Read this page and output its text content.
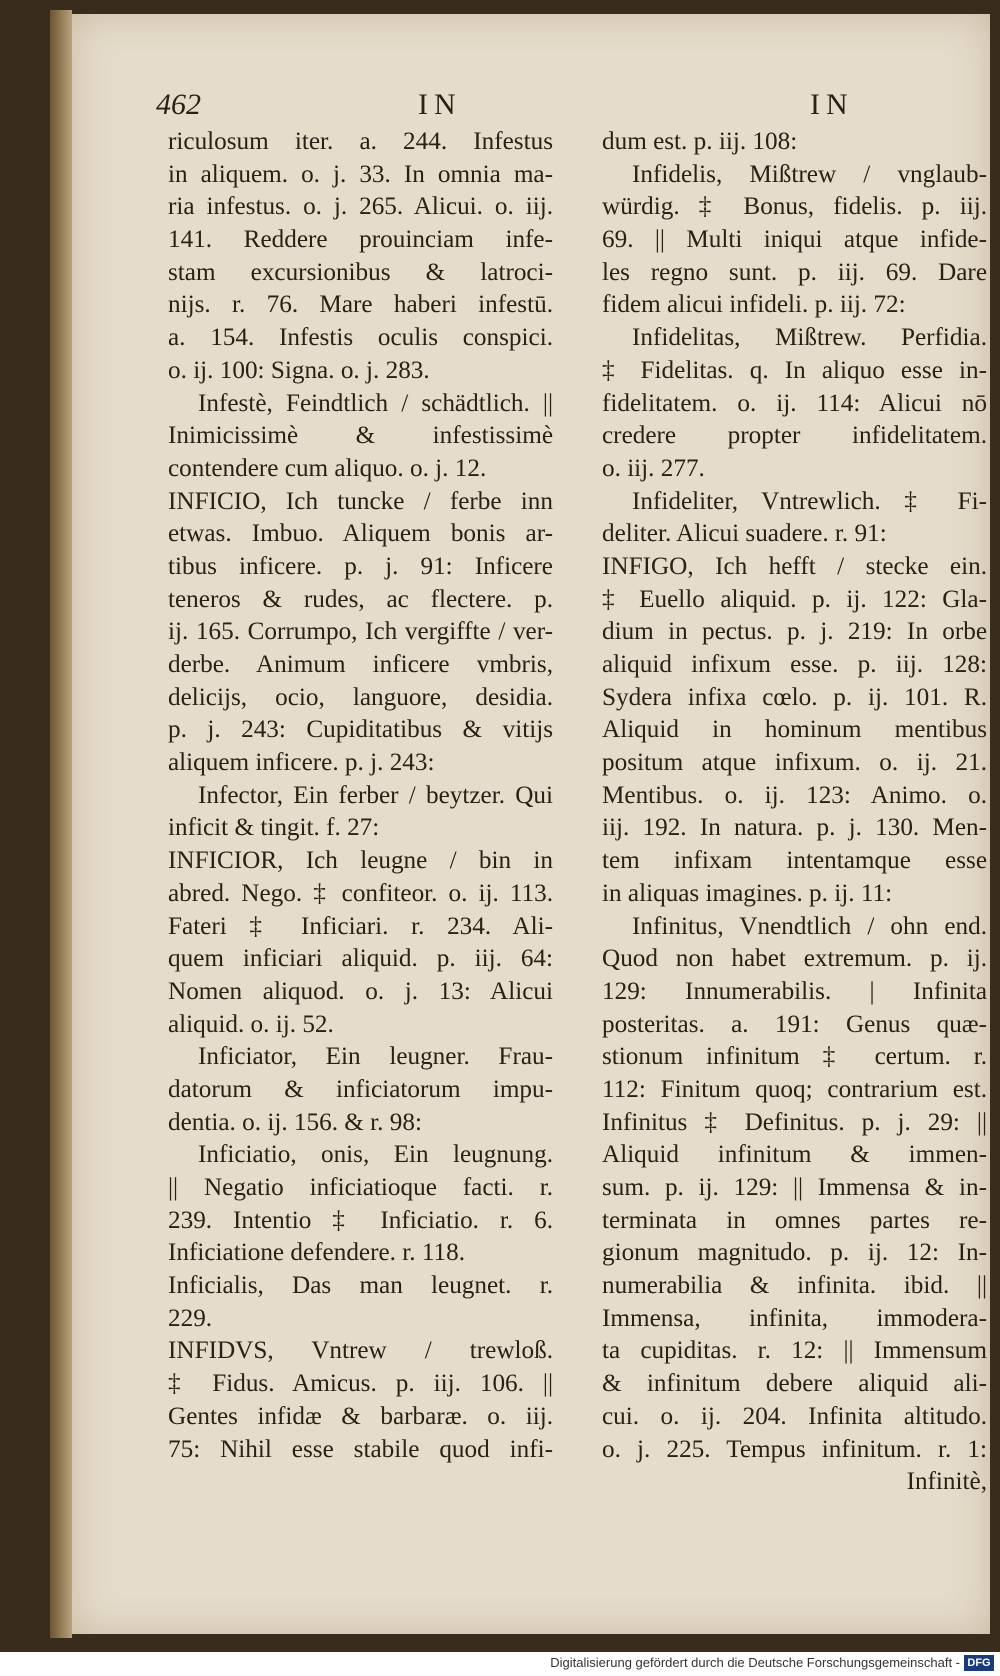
462	IN	IN
riculosum iter. a. 244. Infestus
in aliquem. o. j. 33. In omnia ma-
ria infestus. o. j. 265. Alicui. o. iij.
141. Reddere prouinciam infe-
stam excursionibus & latroci-
nijs. r. 76. Mare haberi infestū.
a. 154. Infestis oculis conspici.
o. ij. 100: Signa. o. j. 283.
Infestè, Feindtlich / schädtlich. ||
Inimicissimè & infestissimè
contendere cum aliquo. o. j. 12.
INFICIO, Ich tuncke / ferbe inn
etwas. Imbuo. Aliquem bonis ar-
tibus inficere. p. j. 91: Inficere
teneros & rudes, ac flectere. p.
ij. 165. Corrumpo, Ich vergiffte / ver-
derbe. Animum inficere vmbris,
delicijs, ocio, languore, desidia.
p. j. 243: Cupiditatibus & vitijs
aliquem inficere. p. j. 243:
Infector, Ein ferber / beytzer. Qui
inficit & tingit. f. 27:
INFICIOR, Ich leugne / bin in
abred. Nego. ‡ confiteor. o. ij. 113.
Fateri ‡ Inficiari. r. 234. Ali-
quem inficiari aliquid. p. iij. 64:
Nomen aliquod. o. j. 13: Alicui
aliquid. o. ij. 52.
Inficiator, Ein leugner. Frau-
datorum & inficiatorum impu-
dentia. o. ij. 156. & r. 98:
Inficiatio, onis, Ein leugnung.
|| Negatio inficiatioque facti. r.
239. Intentio ‡ Inficiatio. r. 6.
Inficiatione defendere. r. 118.
Inficialis, Das man leugnet. r.
229.
INFIDVS, Vntrew / trewloß.
‡ Fidus. Amicus. p. iij. 106. ||
Gentes infidæ & barbaræ. o. iij.
75: Nihil esse stabile quod infi-
dum est. p. iij. 108:
Infidelis, Mißtrew / vnglaub-
würdig. ‡ Bonus, fidelis. p. iij.
69. || Multi iniqui atque infide-
les regno sunt. p. iij. 69. Dare
fidem alicui infideli. p. iij. 72:
Infidelitas, Mißtrew. Perfidia.
‡ Fidelitas. q. In aliquo esse in-
fidelitatem. o. ij. 114: Alicui nō
credere propter infidelitatem.
o. iij. 277.
Infideliter, Vntrewlich. ‡ Fi-
deliter. Alicui suadere. r. 91:
INFIGO, Ich hefft / stecke ein.
‡ Euello aliquid. p. ij. 122: Gla-
dium in pectus. p. j. 219: In orbe
aliquid infixum esse. p. iij. 128:
Sydera infixa cœlo. p. ij. 101. R.
Aliquid in hominum mentibus
positum atque infixum. o. ij. 21.
Mentibus. o. ij. 123: Animo. o.
iij. 192. In natura. p. j. 130. Men-
tem infixam intentamque esse
in aliquas imagines. p. ij. 11:
Infinitus, Vnendtlich / ohn end.
Quod non habet extremum. p. ij.
129: Innumerabilis. | Infinita
posteritas. a. 191: Genus quæ-
stionum infinitum ‡ certum. r.
112: Finitum quoq; contrarium est.
Infinitus ‡ Definitus. p. j. 29: ||
Aliquid infinitum & immen-
sum. p. ij. 129: || Immensa & in-
terminata in omnes partes re-
gionum magnitudo. p. ij. 12: In-
numerabilia & infinita. ibid. ||
Immensa, infinita, immodera-
ta cupiditas. r. 12: || Immensum
& infinitum debere aliquid ali-
cui. o. ij. 204. Infinita altitudo.
o. j. 225. Tempus infinitum. r. 1:
Infinitè,
Digitalisierung gefördert durch die Deutsche Forschungsgemeinschaft - DFG
